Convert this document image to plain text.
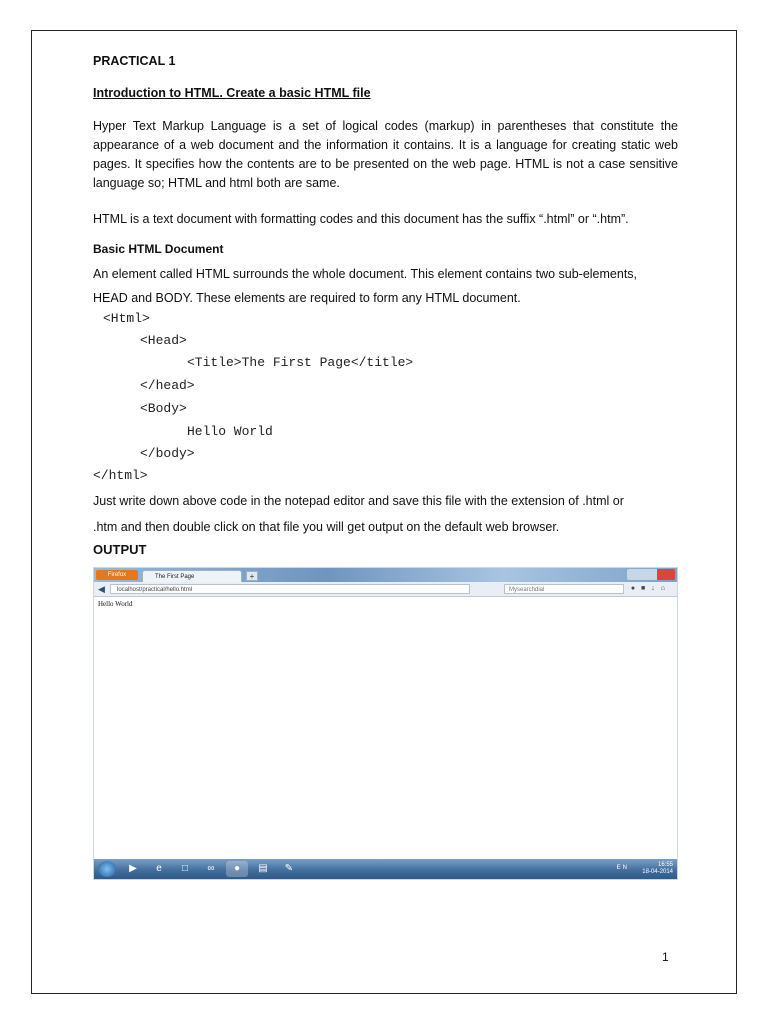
PRACTICAL 1
Introduction to HTML. Create a basic HTML file
Hyper Text Markup Language is a set of logical codes (markup) in parentheses that constitute the appearance of a web document and the information it contains. It is a language for creating static web pages. It specifies how the contents are to be presented on the web page. HTML is not a case sensitive language so; HTML and html both are same.
HTML is a text document with formatting codes and this document has the suffix “.html” or “.htm”.
Basic HTML Document
An element called HTML surrounds the whole document. This element contains two sub-elements,
HEAD and BODY. These elements are required to form any HTML document.
<Html>
<Head>
<Title>The First Page</title>
</head>
<Body>
Hello World
</body>
</html>
Just write down above code in the notepad editor and save this file with the extension of .html or
.htm and then double click on that file you will get output on the default web browser.
OUTPUT
Firefox	The First Page	+
◀	localhost/practical/hello.html	Mysearchdial	●■↓⌂
Hello World
▶	e	□	∞	●	▤	✎	EN	16:55
18-04-2014
1
